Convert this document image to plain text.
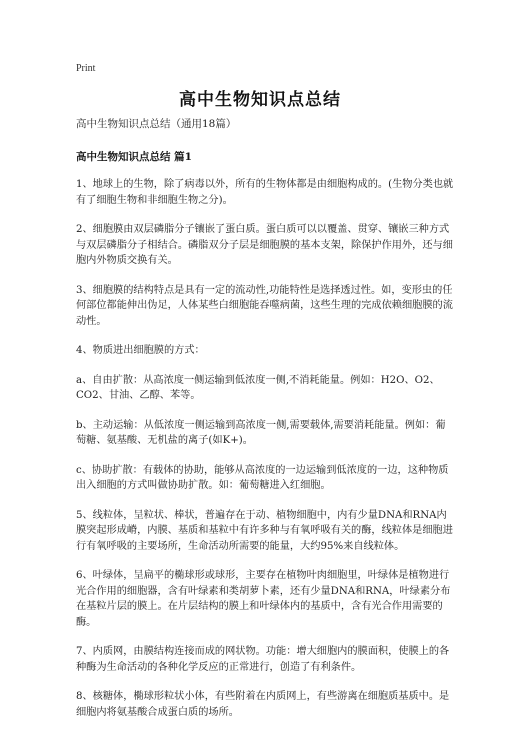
Print
高中生物知识点总结

高中生物知识点总结（通用18篇）

高中生物知识点总结 篇1

1、地球上的生物，除了病毒以外，所有的生物体都是由细胞构成的。(生物分类也就有了细胞生物和非细胞生物之分)。

2、细胞膜由双层磷脂分子镶嵌了蛋白质。蛋白质可以以覆盖、贯穿、镶嵌三种方式与双层磷脂分子相结合。磷脂双分子层是细胞膜的基本支架，除保护作用外，还与细胞内外物质交换有关。

3、细胞膜的结构特点是具有一定的流动性,功能特性是选择透过性。如，变形虫的任何部位都能伸出伪足，人体某些白细胞能吞噬病菌，这些生理的完成依赖细胞膜的流动性。

4、物质进出细胞膜的方式：

a、自由扩散：从高浓度一侧运输到低浓度一侧,不消耗能量。例如：H2O、O2、CO2、甘油、乙醇、苯等。

b、主动运输：从低浓度一侧运输到高浓度一侧,需要载体,需要消耗能量。例如：葡萄糖、氨基酸、无机盐的离子(如K+)。

c、协助扩散：有载体的协助，能够从高浓度的一边运输到低浓度的一边，这种物质出入细胞的方式叫做协助扩散。如：葡萄糖进入红细胞。

5、线粒体，呈粒状、棒状，普遍存在于动、植物细胞中，内有少量DNA和RNA内膜突起形成嵴，内膜、基质和基粒中有许多种与有氧呼吸有关的酶，线粒体是细胞进行有氧呼吸的主要场所，生命活动所需要的能量，大约95%来自线粒体。

6、叶绿体，呈扁平的椭球形或球形，主要存在植物叶肉细胞里，叶绿体是植物进行光合作用的细胞器，含有叶绿素和类胡萝卜素，还有少量DNA和RNA，叶绿素分布在基粒片层的膜上。在片层结构的膜上和叶绿体内的基质中，含有光合作用需要的酶。

7、内质网，由膜结构连接而成的网状物。功能：增大细胞内的膜面积，使膜上的各种酶为生命活动的各种化学反应的正常进行，创造了有利条件。

8、核糖体，椭球形粒状小体，有些附着在内质网上，有些游离在细胞质基质中。是细胞内将氨基酸合成蛋白质的场所。
